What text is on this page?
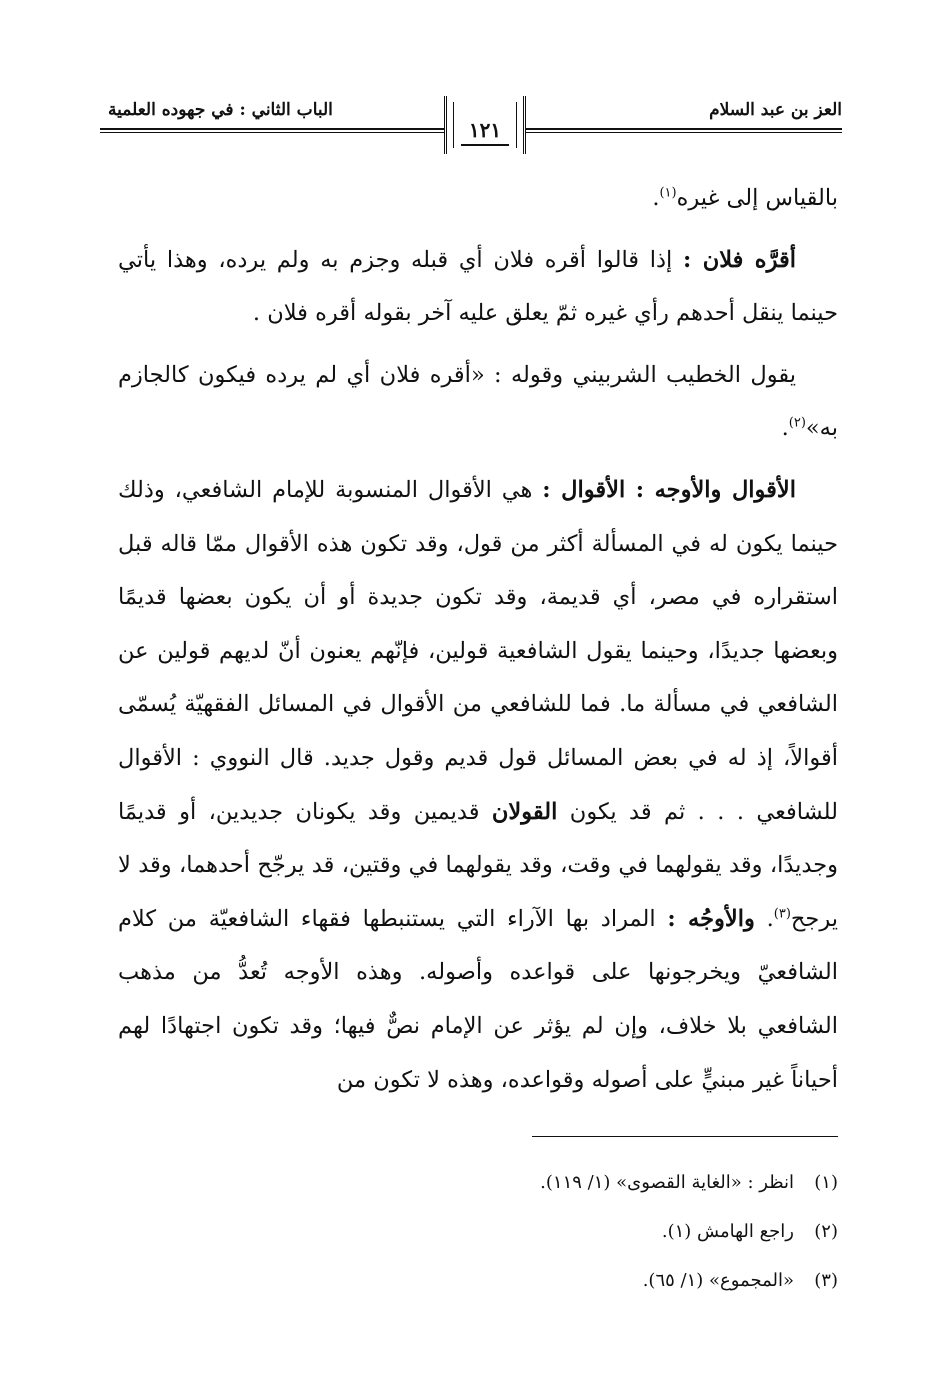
العز بن عبد السلام
الباب الثاني : في جهوده العلمية
١٢١

بالقياس إلى غيره$^{(١)}$.

أقرَّه فلان : إذا قالوا أقره فلان أي قبله وجزم به ولم يرده، وهذا يأتي حينما ينقل أحدهم رأي غيره ثمّ يعلق عليه آخر بقوله أقره فلان .

يقول الخطيب الشربيني وقوله : «أقره فلان أي لم يرده فيكون كالجازم به»$^{(٢)}$.

الأقوال والأوجه : الأقوال : هي الأقوال المنسوبة للإمام الشافعي، وذلك حينما يكون له في المسألة أكثر من قول، وقد تكون هذه الأقوال ممّا قاله قبل استقراره في مصر، أي قديمة، وقد تكون جديدة أو أن يكون بعضها قديمًا وبعضها جديدًا، وحينما يقول الشافعية قولين، فإنّهم يعنون أنّ لديهم قولين عن الشافعي في مسألة ما. فما للشافعي من الأقوال في المسائل الفقهيّة يُسمّى أقوالاً، إذ له في بعض المسائل قول قديم وقول جديد. قال النووي : الأقوال للشافعي . . . ثم قد يكون القولان قديمين وقد يكونان جديدين، أو قديمًا وجديدًا، وقد يقولهما في وقت، وقد يقولهما في وقتين، قد يرجّح أحدهما، وقد لا يرجح$^{(٣)}$. والأوجُه : المراد بها الآراء التي يستنبطها فقهاء الشافعيّة من كلام الشافعيّ ويخرجونها على قواعده وأصوله. وهذه الأوجه تُعدُّ من مذهب الشافعي بلا خلاف، وإن لم يؤثر عن الإمام نصٌّ فيها؛ وقد تكون اجتهادًا لهم أحياناً غير مبنيٍّ على أصوله وقواعده، وهذه لا تكون من

(١)
انظر : «الغاية القصوى» (١/ ١١٩).
(٢)
راجع الهامش (١).
(٣)
«المجموع» (١/ ٦٥).
